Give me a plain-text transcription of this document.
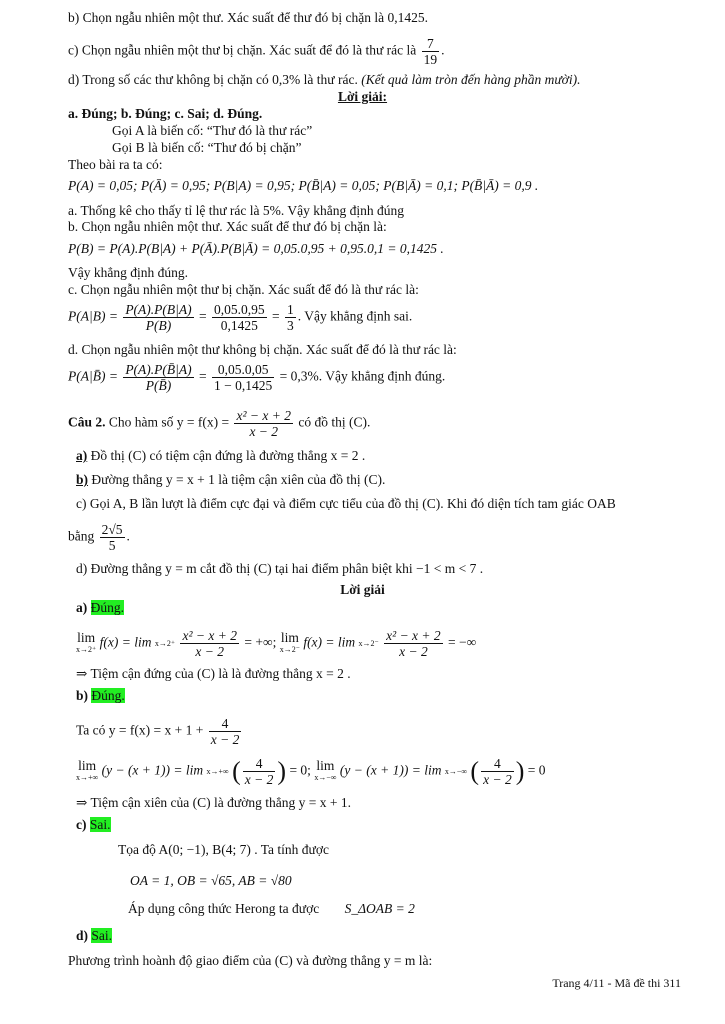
b) Chọn ngẫu nhiên một thư. Xác suất để thư đó bị chặn là 0,1425.
c) Chọn ngẫu nhiên một thư bị chặn. Xác suất để đó là thư rác là $\frac{7}{19}$ .
d) Trong số các thư không bị chặn có 0,3% là thư rác. (Kết quả làm tròn đến hàng phần mười).
Lời giải:
a. Đúng; b. Đúng; c. Sai; d. Đúng.
Gọi A là biến cố: “Thư đó là thư rác”
Gọi B là biến cố: “Thư đó bị chặn”
Theo bài ra ta có:
P(A) = 0,05; P(Ā) = 0,95; P(B|A) = 0,95; P(B̄|A) = 0,05; P(B|Ā) = 0,1; P(B̄|Ā) = 0,9 .
a. Thống kê cho thấy tỉ lệ thư rác là 5%. Vậy khẳng định đúng
b. Chọn ngẫu nhiên một thư. Xác suất để thư đó bị chặn là:
P(B) = P(A).P(B|A) + P(Ā).P(B|Ā) = 0,05.0,95 + 0,95.0,1 = 0,1425 .
Vậy khẳng định đúng.
c. Chọn ngẫu nhiên một thư bị chặn. Xác suất để đó là thư rác là:
$P(A|B) = \frac{P(A).P(B|A)}{P(B)} = \frac{0,05.0,95}{0,1425} = \frac{1}{3}$ . Vậy khẳng định sai.
d. Chọn ngẫu nhiên một thư không bị chặn. Xác suất để đó là thư rác là:
P(A|B̄) = $\frac{P(A).P(B̄|A)}{P(B̄)} = \frac{0,05.0,05}{1 - 0,1425} = 0,3\%$. Vậy khẳng định đúng.
Câu 2. Cho hàm số $y = f(x) = \frac{\text{x² − x + 2}}{x - 2}$ có đồ thị (C).
a) Đồ thị (C) có tiệm cận đứng là đường thẳng x = 2 .
b) Đường thẳng y = x + 1 là tiệm cận xiên của đồ thị (C).
c) Gọi A, B lần lượt là điểm cực đại và điểm cực tiểu của đồ thị (C). Khi đó diện tích tam giác OAB
bằng $\frac{2√5}{5}$ .
d) Đường thẳng y = m cắt đồ thị (C) tại hai điểm phân biệt khi −1 < m < 7 .
Lời giải
a) Đúng.
lim
x→2⁺ f(x) = lim x→2⁺
$\frac{\text{x² − x + 2}}{x - 2}$ = +∞; lim
x→2⁻ f(x) = lim x→2⁻
$\frac{\text{x² − x + 2}}{x - 2}$ = −∞
⇒ Tiệm cận đứng của (C) là là đường thẳng x = 2 .
b) Đúng.
Ta có $y = f(x) = x + 1 + \frac{4}{x - 2}$
lim
x→+∞ (y − (x + 1)) = lim x→+∞ ( $\frac{4}{x - 2}$ ) = 0; lim
x→−∞ (y − (x + 1)) = lim x→−∞ ( $\frac{4}{x - 2}$ ) = 0
⇒ Tiệm cận xiên của (C) là đường thẳng y = x + 1.
c) Sai.
Tọa độ A(0; −1), B(4; 7) . Ta tính được
OA = 1, OB = √65, AB = √80
Áp dụng công thức Herong ta được S_ΔOAB = 2
d) Sai.
Phương trình hoành độ giao điểm của (C) và đường thẳng y = m là:
Trang 4/11 - Mã đề thi 311
